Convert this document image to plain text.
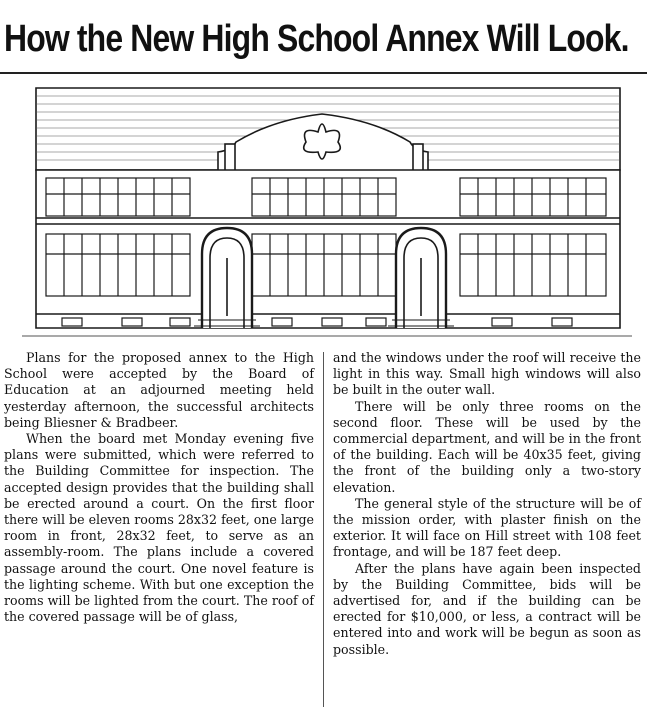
How the New High School Annex Will Look.

Plans for the proposed annex to the High School were accepted by the Board of Education at an adjourned meeting held yesterday afternoon, the successful architects being Bliesner & Bradbeer.

When the board met Monday evening five plans were submitted, which were referred to the Building Committee for inspection. The accepted design provides that the building shall be erected around a court. On the first floor there will be eleven rooms 28x32 feet, one large room in front, 28x32 feet, to serve as an assembly-room. The plans include a covered passage around the court. One novel feature is the lighting scheme. With but one exception the rooms will be lighted from the court. The roof of the covered passage will be of glass,

and the windows under the roof will receive the light in this way. Small high windows will also be built in the outer wall.

There will be only three rooms on the second floor. These will be used by the commercial department, and will be in the front of the building. Each will be 40x35 feet, giving the front of the building only a two-story elevation.

The general style of the structure will be of the mission order, with plaster finish on the exterior. It will face on Hill street with 108 feet frontage, and will be 187 feet deep.

After the plans have again been inspected by the Building Committee, bids will be advertised for, and if the building can be erected for $10,000, or less, a contract will be entered into and work will be begun as soon as possible.
